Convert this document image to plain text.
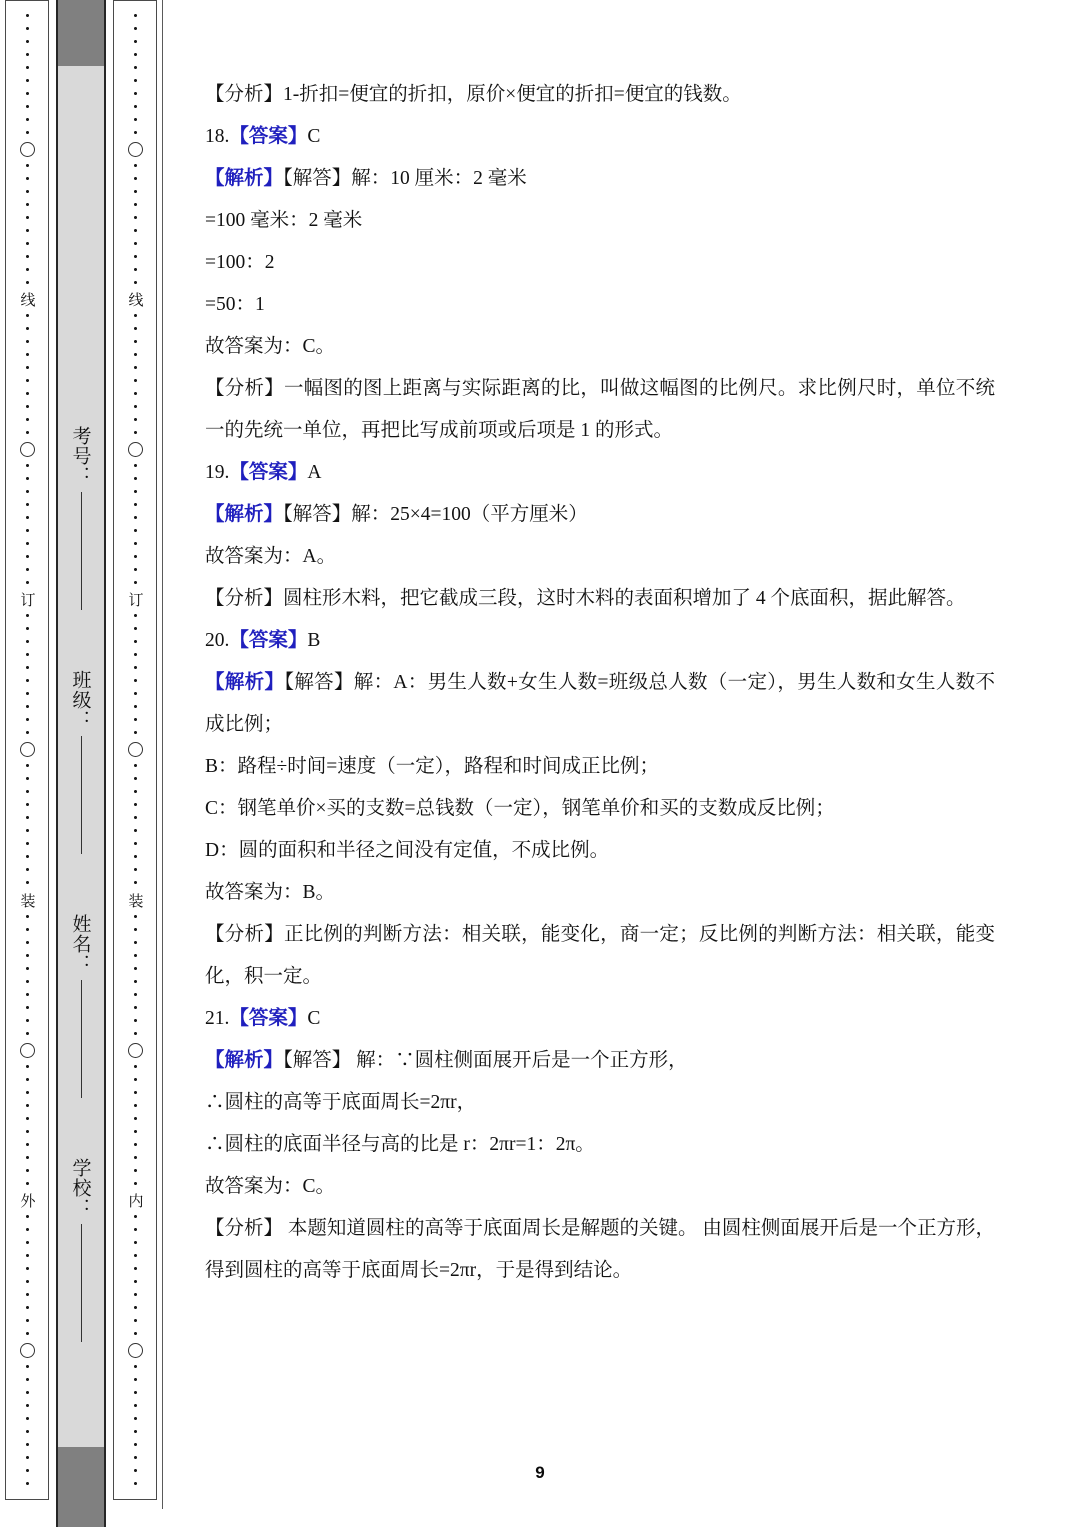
线
订
装
外
考号：
班级：
姓名：
学校：
线
订
装
内
【分析】1-折扣=便宜的折扣，原价×便宜的折扣=便宜的钱数。
18.【答案】C
【解析】【解答】解：10 厘米：2 毫米
=100 毫米：2 毫米
=100：2
=50：1
故答案为：C。
【分析】一幅图的图上距离与实际距离的比，叫做这幅图的比例尺。求比例尺时，单位不统一的先统一单位，再把比写成前项或后项是 1 的形式。
19.【答案】A
【解析】【解答】解：25×4=100（平方厘米）
故答案为：A。
【分析】圆柱形木料，把它截成三段，这时木料的表面积增加了 4 个底面积，据此解答。
20.【答案】B
【解析】【解答】解：A：男生人数+女生人数=班级总人数（一定），男生人数和女生人数不成比例；
B：路程÷时间=速度（一定），路程和时间成正比例；
C：钢笔单价×买的支数=总钱数（一定），钢笔单价和买的支数成反比例；
D：圆的面积和半径之间没有定值，不成比例。
故答案为：B。
【分析】正比例的判断方法：相关联，能变化，商一定；反比例的判断方法：相关联，能变化，积一定。
21.【答案】C
【解析】【解答】 解：∵圆柱侧面展开后是一个正方形，
∴圆柱的高等于底面周长=2πr，
∴圆柱的底面半径与高的比是 r：2πr=1：2π。
故答案为：C。
【分析】 本题知道圆柱的高等于底面周长是解题的关键。 由圆柱侧面展开后是一个正方形，得到圆柱的高等于底面周长=2πr，于是得到结论。
9
